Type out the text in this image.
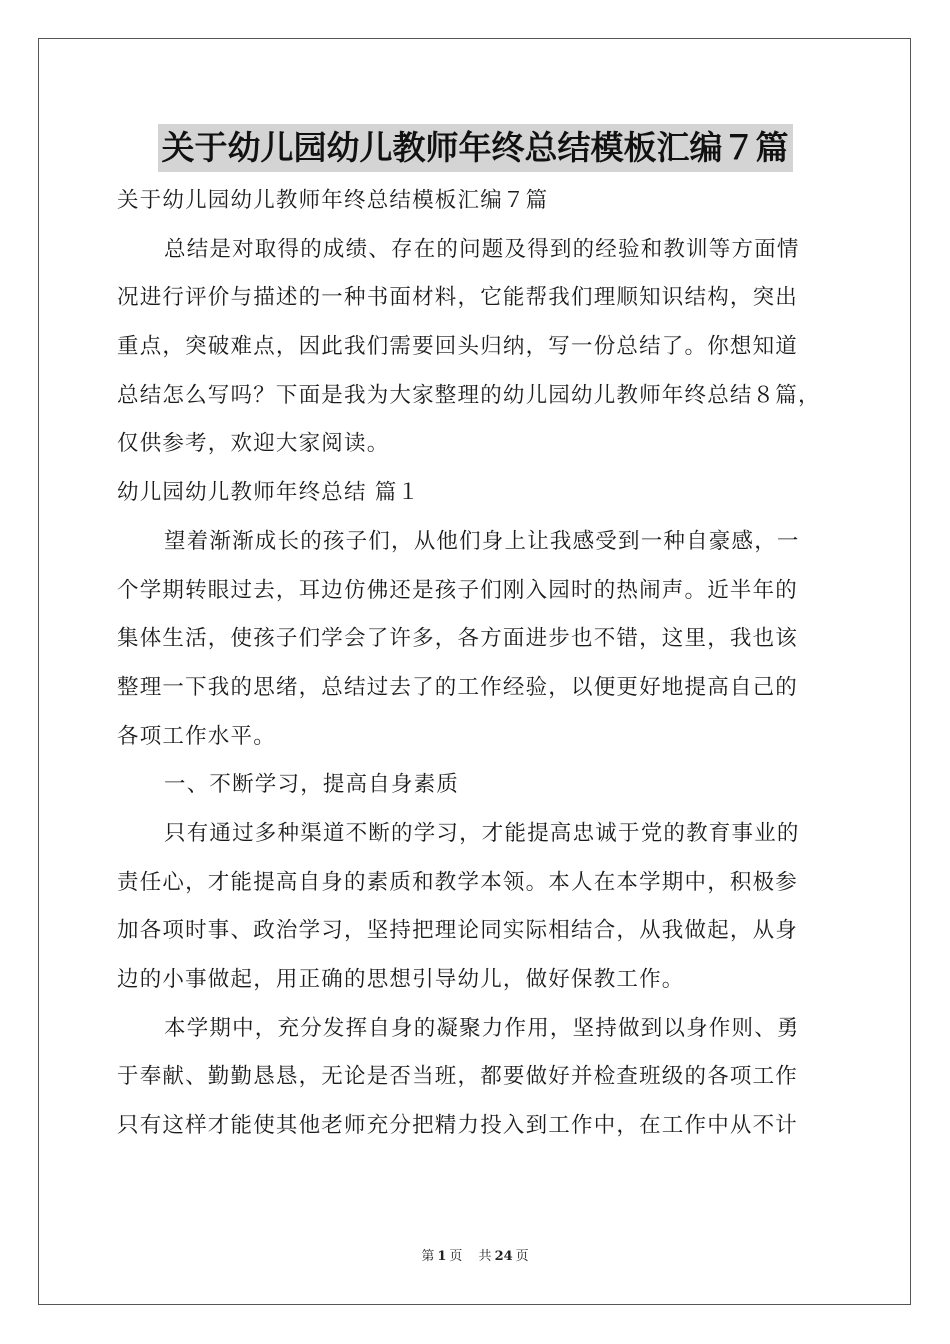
关于幼儿园幼儿教师年终总结模板汇编７篇
关于幼儿园幼儿教师年终总结模板汇编７篇
总结是对取得的成绩、存在的问题及得到的经验和教训等方面情
况进行评价与描述的一种书面材料，它能帮我们理顺知识结构，突出
重点，突破难点，因此我们需要回头归纳，写一份总结了。你想知道
总结怎么写吗？下面是我为大家整理的幼儿园幼儿教师年终总结８篇，
仅供参考，欢迎大家阅读。
幼儿园幼儿教师年终总结 篇１
望着渐渐成长的孩子们，从他们身上让我感受到一种自豪感，一
个学期转眼过去，耳边仿佛还是孩子们刚入园时的热闹声。近半年的
集体生活，使孩子们学会了许多，各方面进步也不错，这里，我也该
整理一下我的思绪，总结过去了的工作经验，以便更好地提高自己的
各项工作水平。
一、不断学习，提高自身素质
只有通过多种渠道不断的学习，才能提高忠诚于党的教育事业的
责任心，才能提高自身的素质和教学本领。本人在本学期中，积极参
加各项时事、政治学习，坚持把理论同实际相结合，从我做起，从身
边的小事做起，用正确的思想引导幼儿，做好保教工作。
本学期中，充分发挥自身的凝聚力作用，坚持做到以身作则、勇
于奉献、勤勤恳恳，无论是否当班，都要做好并检查班级的各项工作
只有这样才能使其他老师充分把精力投入到工作中，在工作中从不计
第 1 页 共 24 页
